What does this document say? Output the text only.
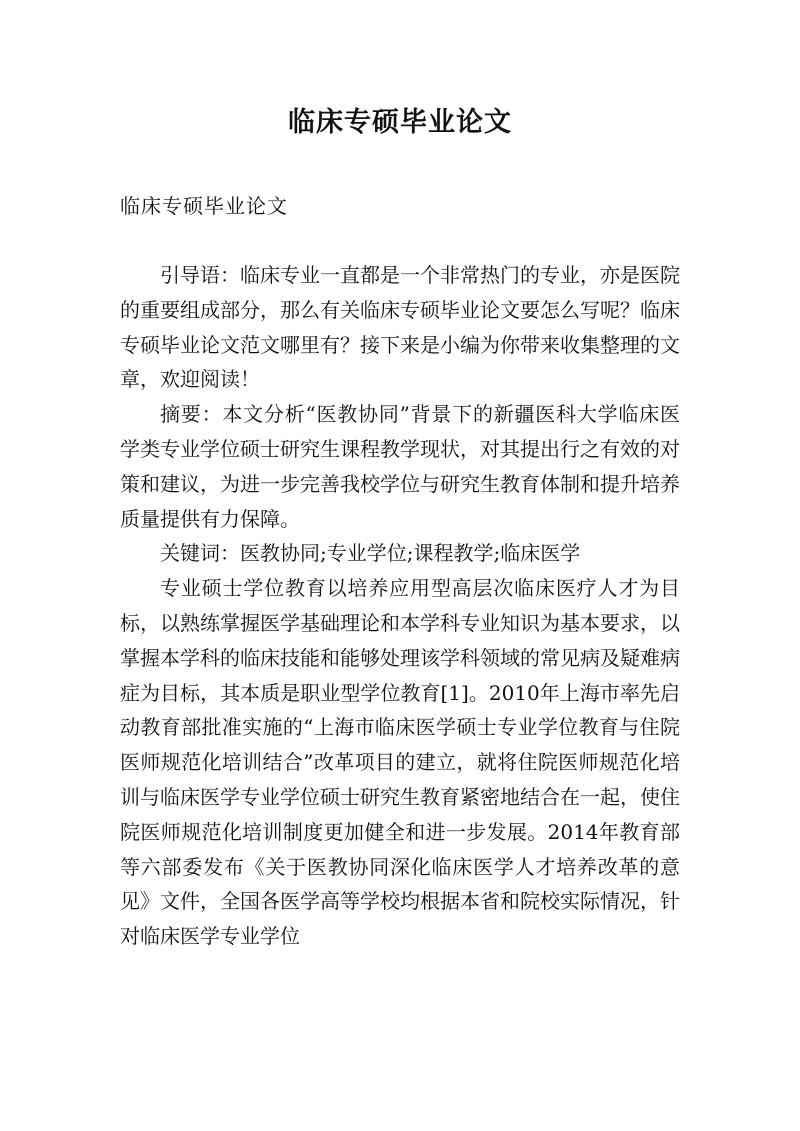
临床专硕毕业论文
临床专硕毕业论文

引导语：临床专业一直都是一个非常热门的专业，亦是医院的重要组成部分，那么有关临床专硕毕业论文要怎么写呢？临床专硕毕业论文范文哪里有？接下来是小编为你带来收集整理的文章，欢迎阅读！

摘要：本文分析“医教协同”背景下的新疆医科大学临床医学类专业学位硕士研究生课程教学现状，对其提出行之有效的对策和建议，为进一步完善我校学位与研究生教育体制和提升培养质量提供有力保障。

关键词：医教协同;专业学位;课程教学;临床医学

专业硕士学位教育以培养应用型高层次临床医疗人才为目标，以熟练掌握医学基础理论和本学科专业知识为基本要求，以掌握本学科的临床技能和能够处理该学科领域的常见病及疑难病症为目标，其本质是职业型学位教育[1]。2010年上海市率先启动教育部批准实施的“上海市临床医学硕士专业学位教育与住院医师规范化培训结合”改革项目的建立，就将住院医师规范化培训与临床医学专业学位硕士研究生教育紧密地结合在一起，使住院医师规范化培训制度更加健全和进一步发展。2014年教育部等六部委发布《关于医教协同深化临床医学人才培养改革的意见》文件，全国各医学高等学校均根据本省和院校实际情况，针对临床医学专业学位
